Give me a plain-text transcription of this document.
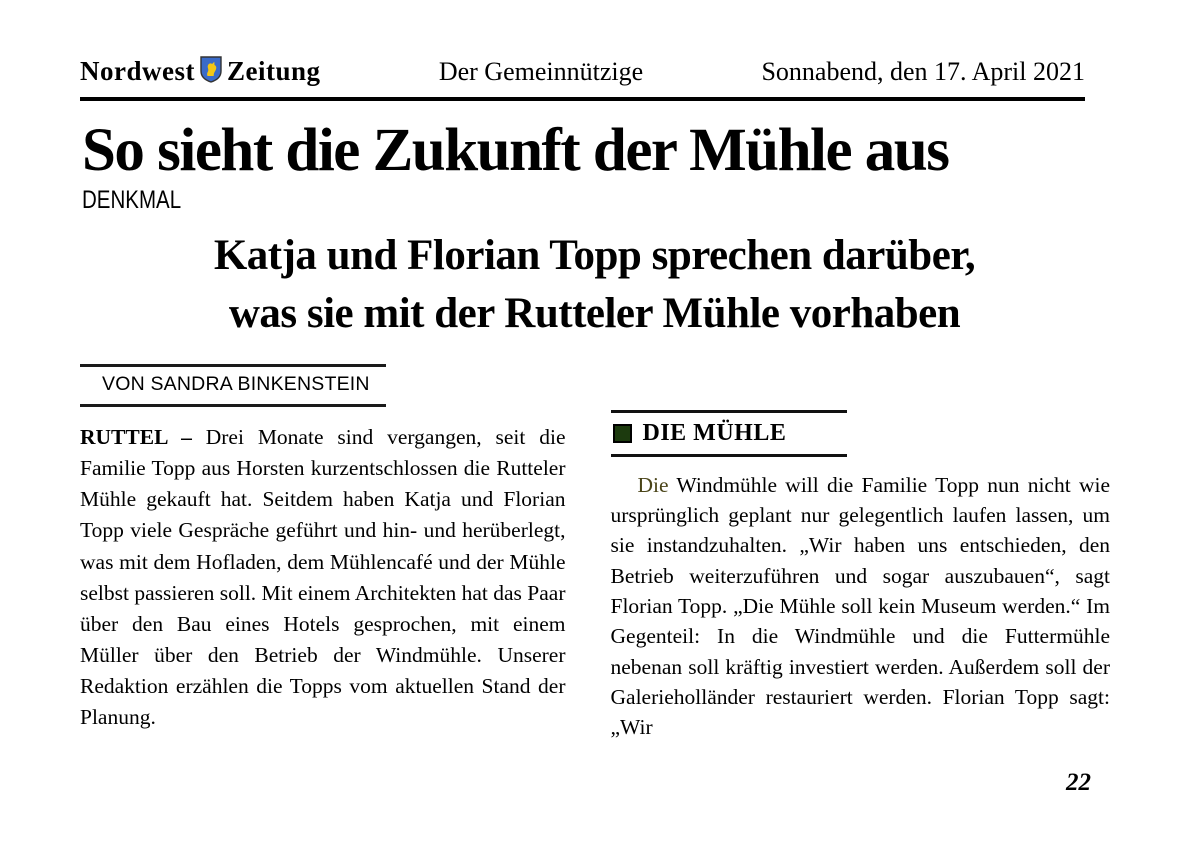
Nordwest Zeitung	Der Gemeinnützige	Sonnabend, den 17. April 2021
So sieht die Zukunft der Mühle aus
DENKMAL
Katja und Florian Topp sprechen darüber,
was sie mit der Rutteler Mühle vorhaben
VON SANDRA BINKENSTEIN

RUTTEL – Drei Monate sind vergangen, seit die Familie Topp aus Horsten kurzentschlossen die Rutteler Mühle gekauft hat. Seitdem haben Katja und Florian Topp viele Gespräche geführt und hin- und herüberlegt, was mit dem Hofladen, dem Mühlencafé und der Mühle selbst passieren soll. Mit einem Architekten hat das Paar über den Bau eines Hotels gesprochen, mit einem Müller über den Betrieb der Windmühle. Unserer Redaktion erzählen die Topps vom aktuellen Stand der Planung.

DIE MÜHLE

Die Windmühle will die Familie Topp nun nicht wie ursprünglich geplant nur gelegentlich laufen lassen, um sie instandzuhalten. „Wir haben uns entschieden, den Betrieb weiterzuführen und sogar auszubauen“, sagt Florian Topp. „Die Mühle soll kein Museum werden.“ Im Gegenteil: In die Windmühle und die Futtermühle nebenan soll kräftig investiert werden. Außerdem soll der Galerieholländer restauriert werden. Florian Topp sagt: „Wir

22
